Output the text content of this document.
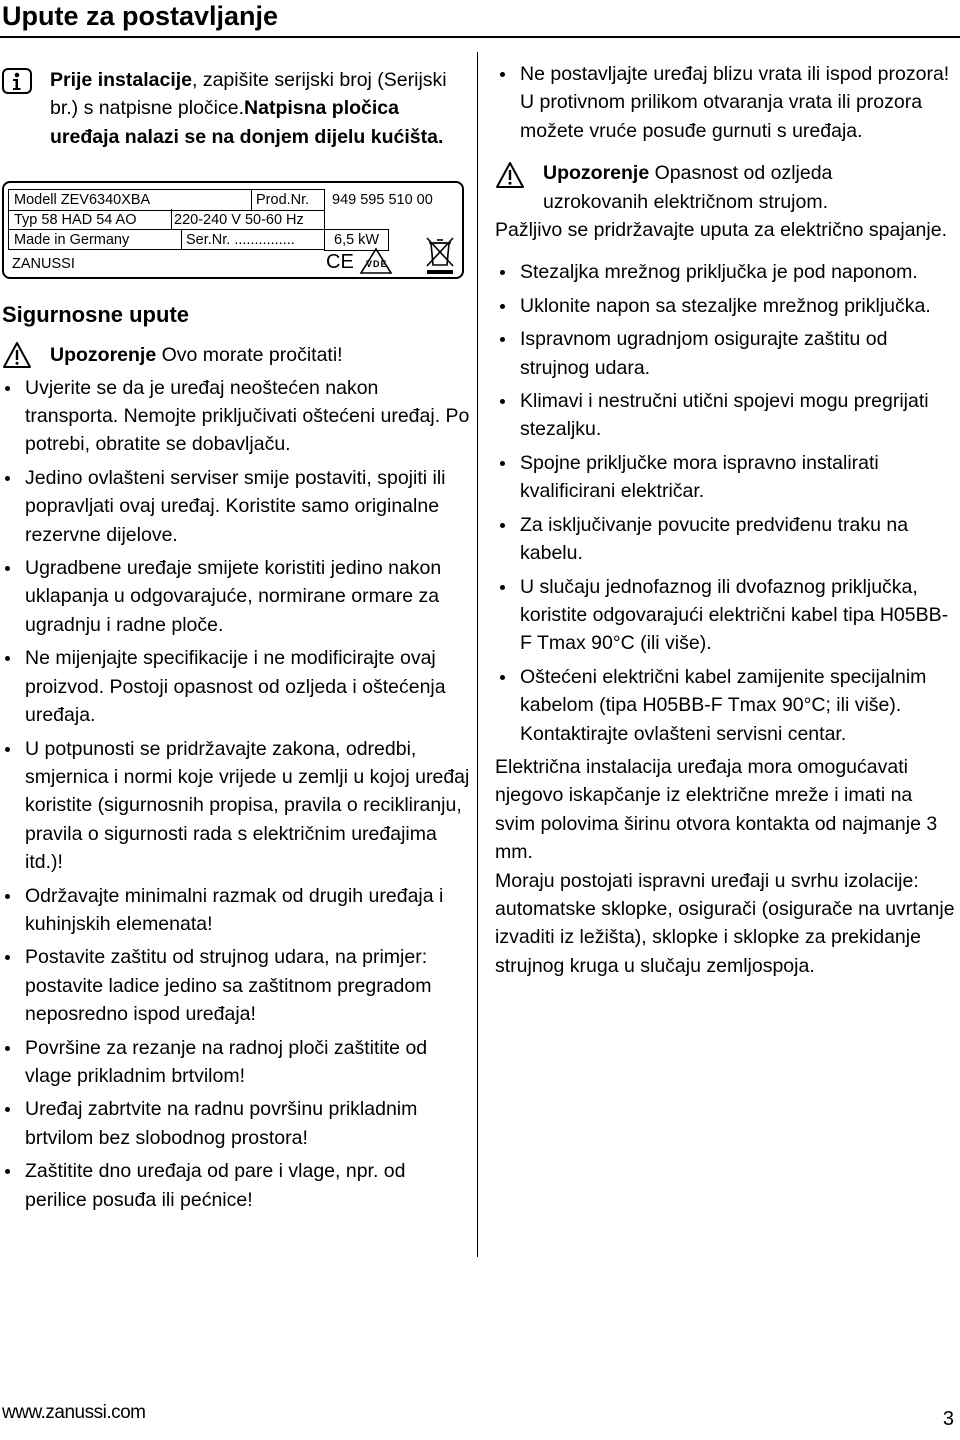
Upute za postavljanje
Prije instalacije, zapišite serijski broj (Serijski br.) s natpisne pločice.Natpisna pločica uređaja nalazi se na donjem dijelu kućišta.
Modell ZEV6340XBA	Prod.Nr. 949 595 510 00
Typ 58 HAD 54 AO	220-240 V 50-60 Hz
Made in Germany	Ser.Nr. ...............	6,5 kW
ZANUSSI	CE VDE
Sigurnosne upute
Upozorenje Ovo morate pročitati!
Uvjerite se da je uređaj neoštećen nakon transporta. Nemojte priključivati oštećeni uređaj. Po potrebi, obratite se dobavljaču.
Jedino ovlašteni serviser smije postaviti, spojiti ili popravljati ovaj uređaj. Koristite samo originalne rezervne dijelove.
Ugradbene uređaje smijete koristiti jedino nakon uklapanja u odgovarajuće, normirane ormare za ugradnju i radne ploče.
Ne mijenjajte specifikacije i ne modificirajte ovaj proizvod. Postoji opasnost od ozljeda i oštećenja uređaja.
U potpunosti se pridržavajte zakona, odredbi, smjernica i normi koje vrijede u zemlji u kojoj uređaj koristite (sigurnosnih propisa, pravila o recikliranju, pravila o sigurnosti rada s električnim uređajima itd.)!
Održavajte minimalni razmak od drugih uređaja i kuhinjskih elemenata!
Postavite zaštitu od strujnog udara, na primjer: postavite ladice jedino sa zaštitnom pregradom neposredno ispod uređaja!
Površine za rezanje na radnoj ploči zaštitite od vlage prikladnim brtvilom!
Uređaj zabrtvite na radnu površinu prikladnim brtvilom bez slobodnog prostora!
Zaštitite dno uređaja od pare i vlage, npr. od perilice posuđa ili pećnice!
Ne postavljajte uređaj blizu vrata ili ispod prozora! U protivnom prilikom otvaranja vrata ili prozora možete vruće posuđe gurnuti s uređaja.
Upozorenje Opasnost od ozljeda
uzrokovanih električnom strujom.
Pažljivo se pridržavajte uputa za električno spajanje.
Stezaljka mrežnog priključka je pod naponom.
Uklonite napon sa stezaljke mrežnog priključka.
Ispravnom ugradnjom osigurajte zaštitu od strujnog udara.
Klimavi i nestručni utični spojevi mogu pregrijati stezaljku.
Spojne priključke mora ispravno instalirati kvalificirani električar.
Za isključivanje povucite predviđenu traku na kabelu.
U slučaju jednofaznog ili dvofaznog priključka, koristite odgovarajući električni kabel tipa H05BB-F Tmax 90°C (ili više).
Oštećeni električni kabel zamijenite specijalnim kabelom (tipa H05BB-F Tmax 90°C; ili više). Kontaktirajte ovlašteni servisni centar.
Električna instalacija uređaja mora omogućavati njegovo iskapčanje iz električne mreže i imati na svim polovima širinu otvora kontakta od najmanje 3 mm.
Moraju postojati ispravni uređaji u svrhu izolacije: automatske sklopke, osigurači (osigurače na uvrtanje izvaditi iz ležišta), sklopke i sklopke za prekidanje strujnog kruga u slučaju zemljospoja.
www.zanussi.com	3
